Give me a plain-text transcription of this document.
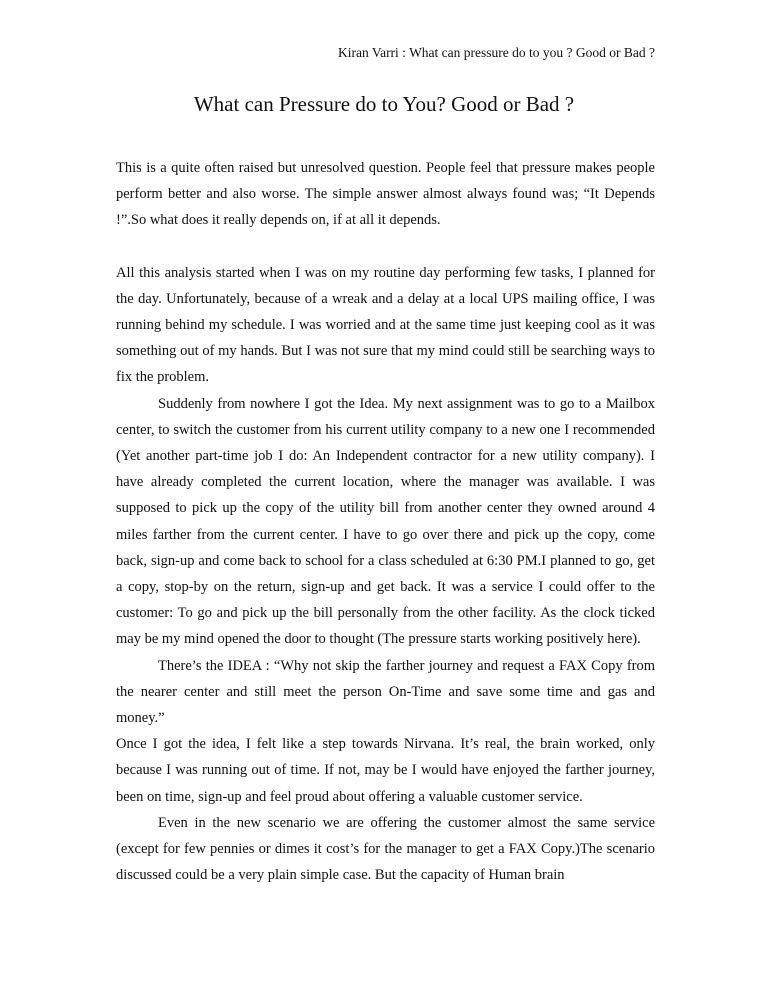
Kiran Varri : What can pressure do to you ? Good or Bad ?
What can Pressure do to You? Good or Bad ?

This is a quite often raised but unresolved question. People feel that pressure makes people perform better and also worse. The simple answer almost always found was; “It Depends !”.So what does it really depends on, if at all it depends.

All this analysis started when I was on my routine day performing few tasks, I planned for the day. Unfortunately, because of a wreak and a delay at a local UPS mailing office, I was running behind my schedule. I was worried and at the same time just keeping cool as it was something out of my hands. But I was not sure that my mind could still be searching ways to fix the problem.

Suddenly from nowhere I got the Idea. My next assignment was to go to a Mailbox center, to switch the customer from his current utility company to a new one I recommended (Yet another part-time job I do: An Independent contractor for a new utility company). I have already completed the current location, where the manager was available. I was supposed to pick up the copy of the utility bill from another center they owned around 4 miles farther from the current center. I have to go over there and pick up the copy, come back, sign-up and come back to school for a class scheduled at 6:30 PM.I planned to go, get a copy, stop-by on the return, sign-up and get back. It was a service I could offer to the customer: To go and pick up the bill personally from the other facility. As the clock ticked may be my mind opened the door to thought (The pressure starts working positively here).

There’s the IDEA : “Why not skip the farther journey and request a FAX Copy from the nearer center and still meet the person On-Time and save some time and gas and money.”

Once I got the idea, I felt like a step towards Nirvana. It’s real, the brain worked, only because I was running out of time. If not, may be I would have enjoyed the farther journey, been on time, sign-up and feel proud about offering a valuable customer service.

Even in the new scenario we are offering the customer almost the same service (except for few pennies or dimes it cost’s for the manager to get a FAX Copy.)The scenario discussed could be a very plain simple case. But the capacity of Human brain
